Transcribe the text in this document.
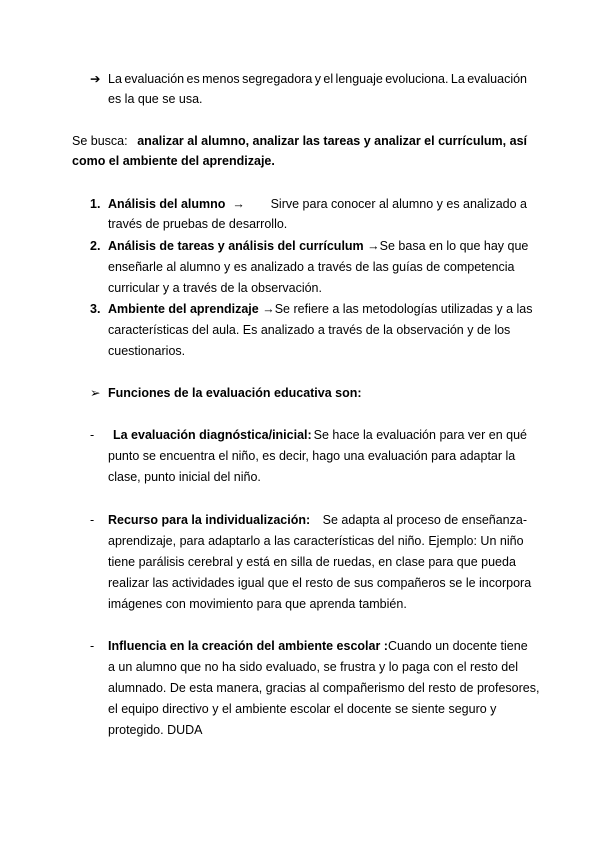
➔ La evaluación es menos segregadora y el lenguaje evoluciona. La evaluación
es la que se usa.
Se busca: analizar al alumno, analizar las tareas y analizar el currículum, así
como el ambiente del aprendizaje.
1. Análisis del alumno → Sirve para conocer al alumno y es analizado a
través de pruebas de desarrollo.
2. Análisis de tareas y análisis del currículum → Se basa en lo que hay que
enseñarle al alumno y es analizado a través de las guías de competencia
curricular y a través de la observación.
3. Ambiente del aprendizaje → Se refiere a las metodologías utilizadas y a las
características del aula. Es analizado a través de la observación y de los
cuestionarios.
➢ Funciones de la evaluación educativa son:
- La evaluación diagnóstica/inicial: Se hace la evaluación para ver en qué
punto se encuentra el niño, es decir, hago una evaluación para adaptar la
clase, punto inicial del niño.
- Recurso para la individualización: Se adapta al proceso de enseñanza-
aprendizaje, para adaptarlo a las características del niño. Ejemplo: Un niño
tiene parálisis cerebral y está en silla de ruedas, en clase para que pueda
realizar las actividades igual que el resto de sus compañeros se le incorpora
imágenes con movimiento para que aprenda también.
- Influencia en la creación del ambiente escolar : Cuando un docente tiene
a un alumno que no ha sido evaluado, se frustra y lo paga con el resto del
alumnado. De esta manera, gracias al compañerismo del resto de profesores,
el equipo directivo y el ambiente escolar el docente se siente seguro y
protegido. DUDA
